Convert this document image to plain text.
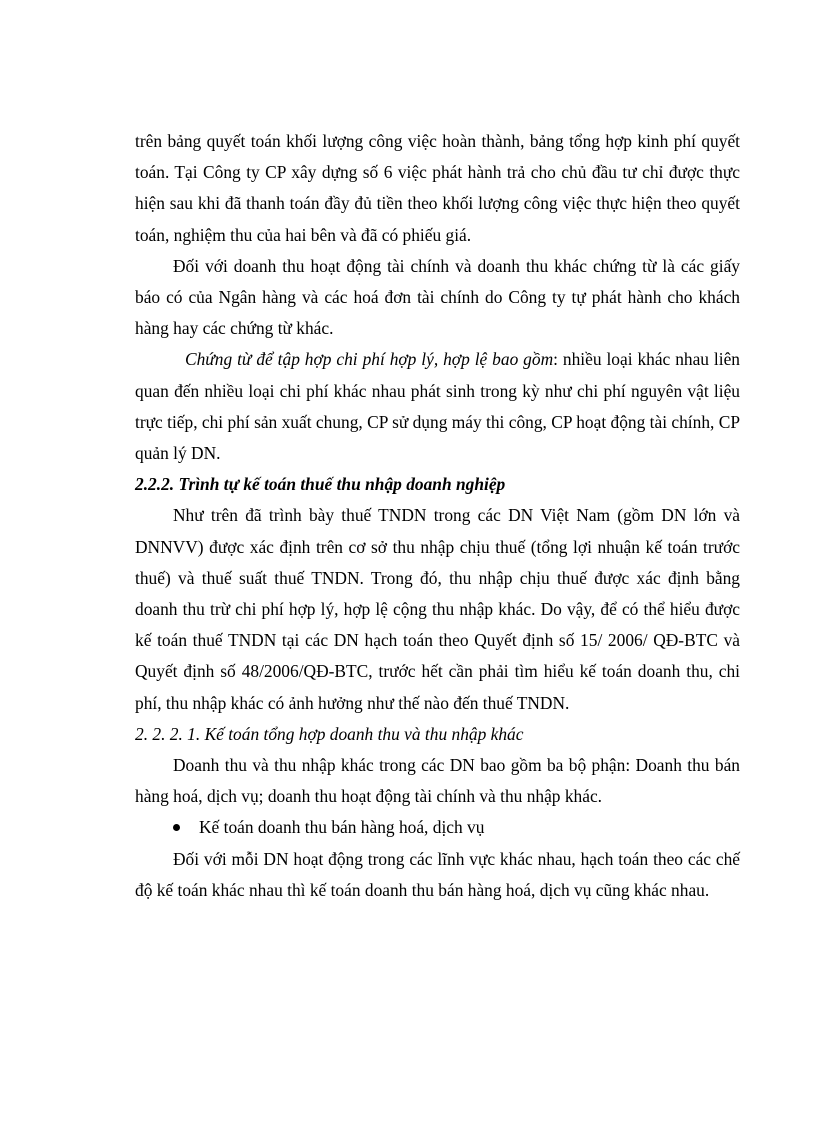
trên bảng quyết toán khối lượng công việc hoàn thành, bảng tổng hợp kinh phí quyết toán. Tại Công ty CP xây dựng số 6 việc phát hành trả cho chủ đầu tư chỉ được thực hiện sau khi đã thanh toán đầy đủ tiền theo khối lượng công việc thực hiện theo quyết toán, nghiệm thu của hai bên và đã có phiếu giá.

Đối với doanh thu hoạt động tài chính và doanh thu khác chứng từ là các giấy báo có của Ngân hàng và các hoá đơn tài chính do Công ty tự phát hành cho khách hàng hay các chứng từ khác.

Chứng từ để tập hợp chi phí hợp lý, hợp lệ bao gồm: nhiều loại khác nhau liên quan đến nhiều loại chi phí khác nhau phát sinh trong kỳ như chi phí nguyên vật liệu trực tiếp, chi phí sản xuất chung, CP sử dụng máy thi công, CP hoạt động tài chính, CP quản lý DN.

2.2.2. Trình tự kế toán thuế thu nhập doanh nghiệp

Như trên đã trình bày thuế TNDN trong các DN Việt Nam (gồm DN lớn và DNNVV) được xác định trên cơ sở thu nhập chịu thuế (tổng lợi nhuận kế toán trước thuế) và thuế suất thuế TNDN. Trong đó, thu nhập chịu thuế được xác định bằng doanh thu trừ chi phí hợp lý, hợp lệ cộng thu nhập khác. Do vậy, để có thể hiểu được kế toán thuế TNDN tại các DN hạch toán theo Quyết định số 15/ 2006/ QĐ-BTC và Quyết định số 48/2006/QĐ-BTC, trước hết cần phải tìm hiểu kế toán doanh thu, chi phí, thu nhập khác có ảnh hưởng như thế nào đến thuế TNDN.

2. 2. 2. 1. Kế toán tổng hợp doanh thu và thu nhập khác

Doanh thu và thu nhập khác trong các DN bao gồm ba bộ phận: Doanh thu bán hàng hoá, dịch vụ; doanh thu hoạt động tài chính và thu nhập khác.

Kế toán doanh thu bán hàng hoá, dịch vụ

Đối với mỗi DN hoạt động trong các lĩnh vực khác nhau, hạch toán theo các chế độ kế toán khác nhau thì kế toán doanh thu bán hàng hoá, dịch vụ cũng khác nhau.
